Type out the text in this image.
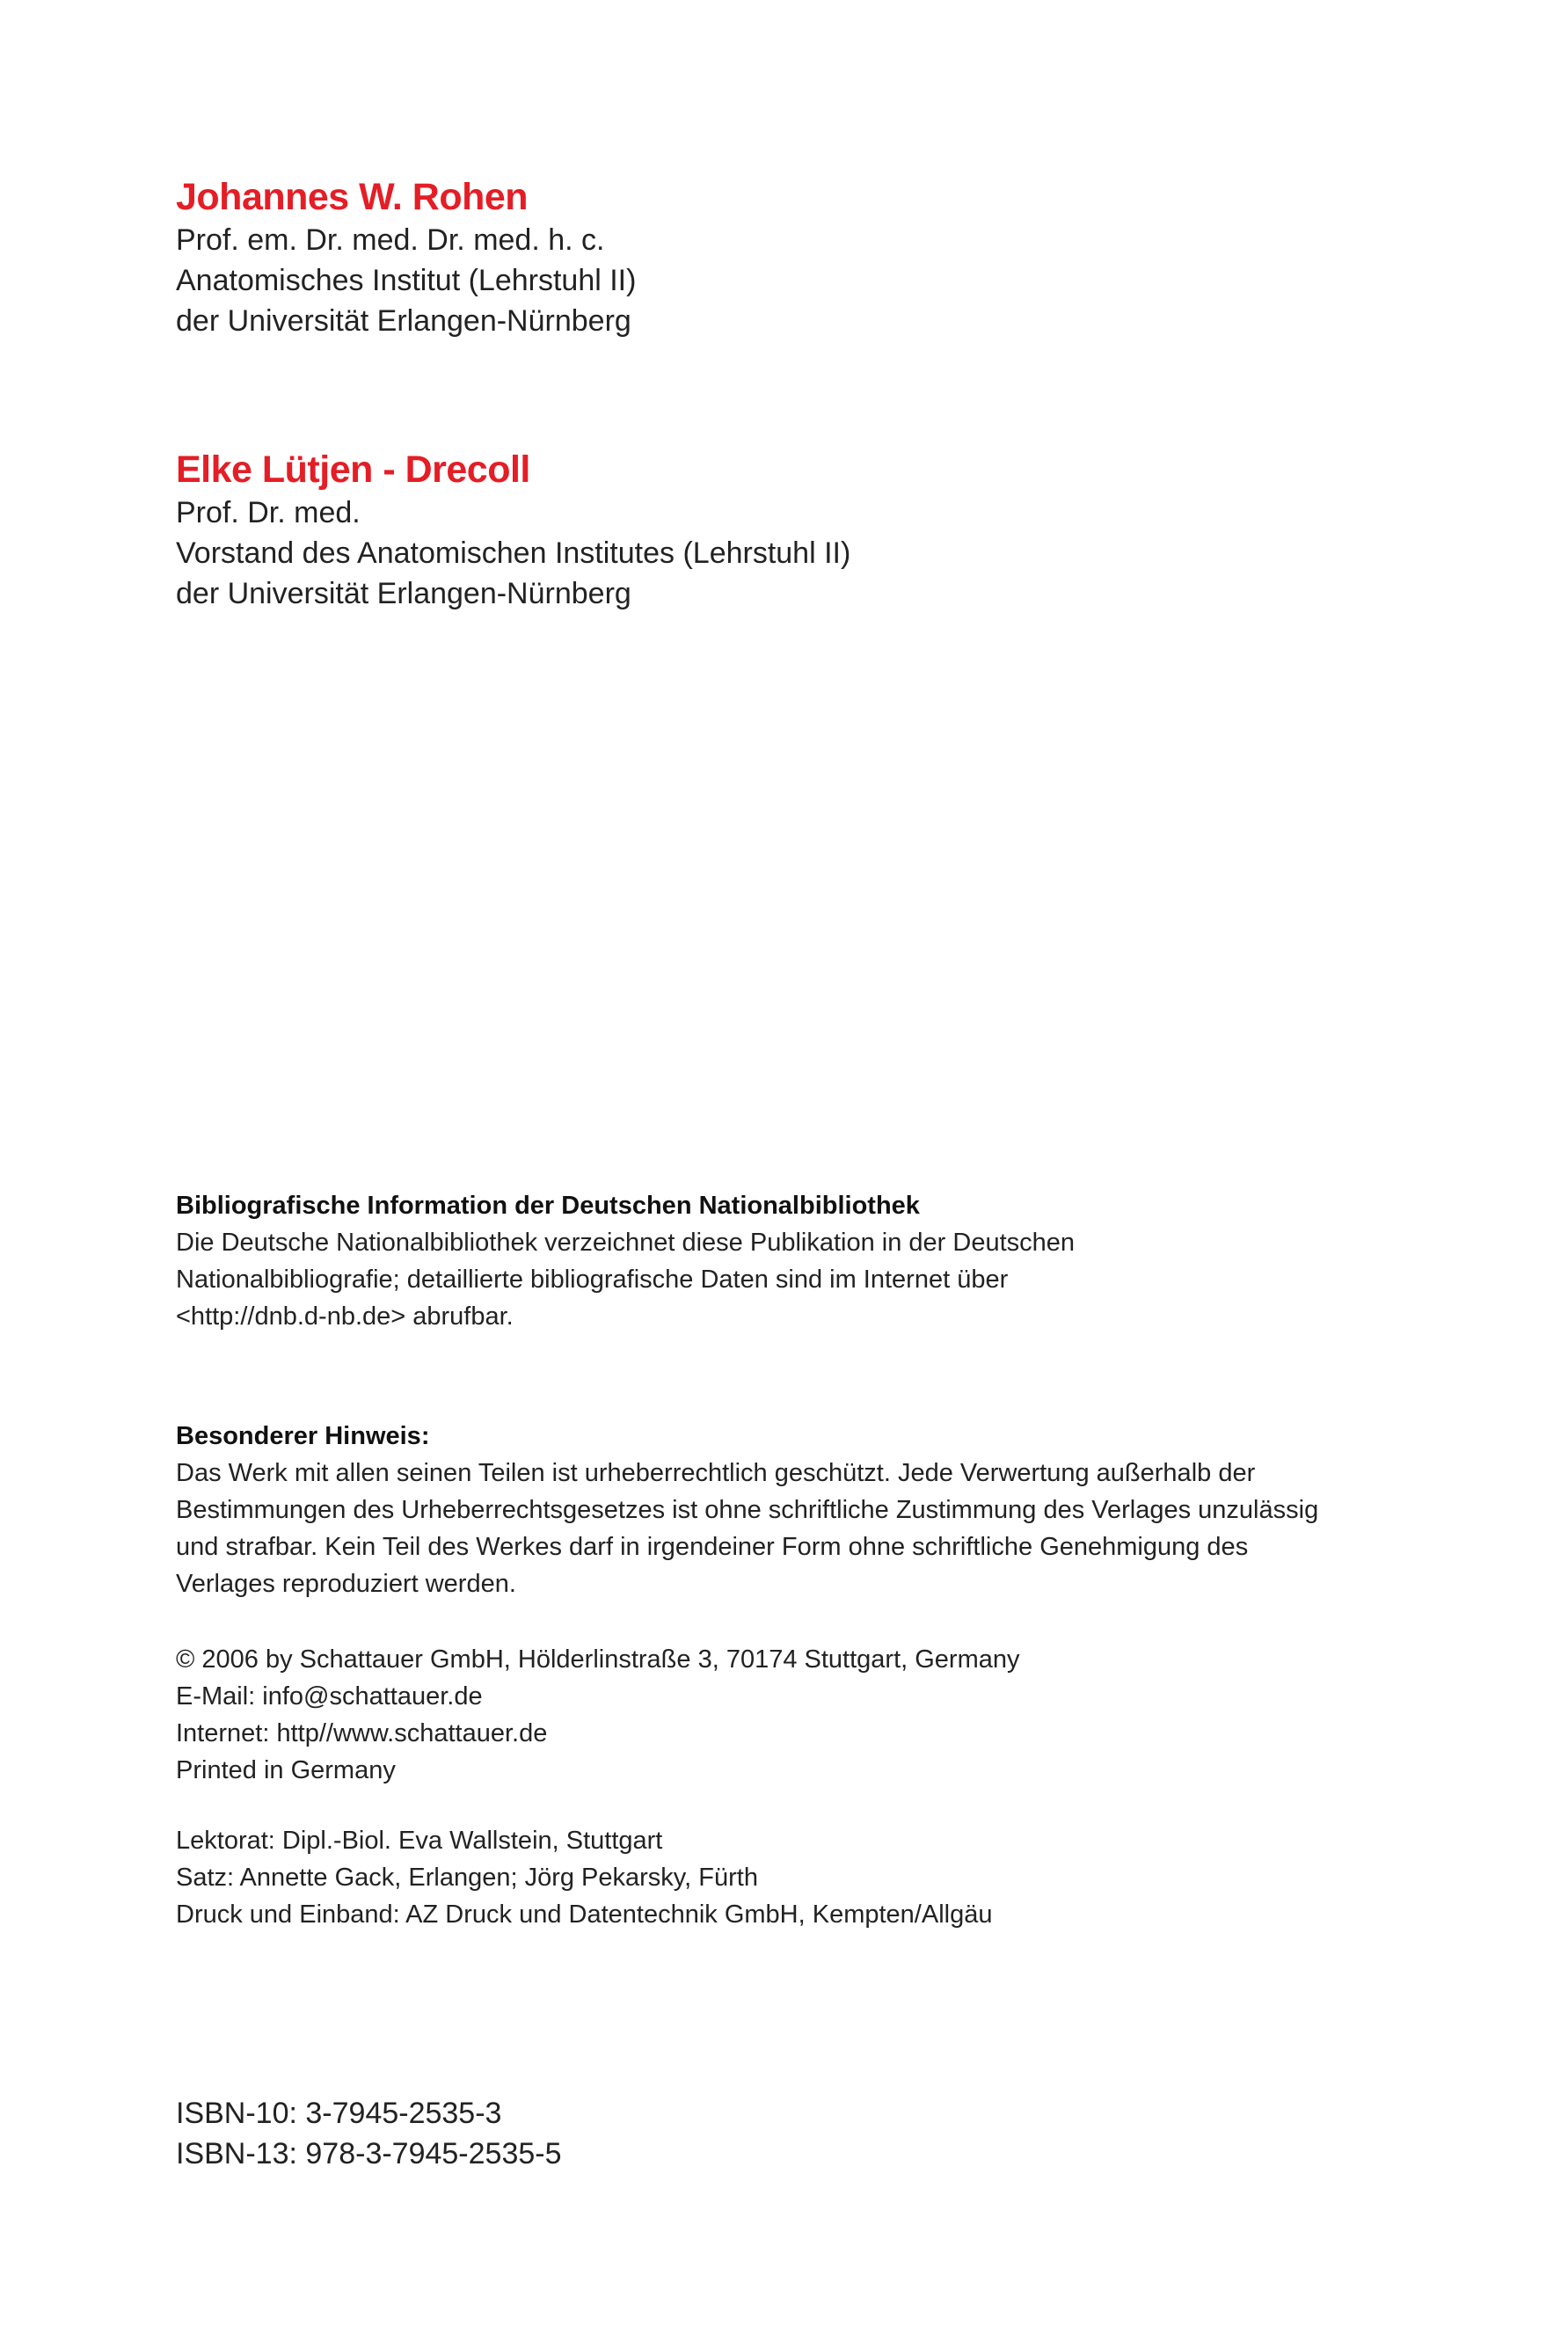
Johannes W. Rohen
Prof. em. Dr. med. Dr. med. h. c.
Anatomisches Institut (Lehrstuhl II)
der Universität Erlangen-Nürnberg
Elke Lütjen - Drecoll
Prof. Dr. med.
Vorstand des Anatomischen Institutes (Lehrstuhl II)
der Universität Erlangen-Nürnberg
Bibliografische Information der Deutschen Nationalbibliothek
Die Deutsche Nationalbibliothek verzeichnet diese Publikation in der Deutschen
Nationalbibliografie; detaillierte bibliografische Daten sind im Internet über
<http://dnb.d-nb.de> abrufbar.
Besonderer Hinweis:
Das Werk mit allen seinen Teilen ist urheberrechtlich geschützt. Jede Verwertung außerhalb der
Bestimmungen des Urheberrechtsgesetzes ist ohne schriftliche Zustimmung des Verlages unzulässig
und strafbar. Kein Teil des Werkes darf in irgendeiner Form ohne schriftliche Genehmigung des
Verlages reproduziert werden.
© 2006 by Schattauer GmbH, Hölderlinstraße 3, 70174 Stuttgart, Germany
E-Mail: info@schattauer.de
Internet: http//www.schattauer.de
Printed in Germany
Lektorat: Dipl.-Biol. Eva Wallstein, Stuttgart
Satz: Annette Gack, Erlangen; Jörg Pekarsky, Fürth
Druck und Einband: AZ Druck und Datentechnik GmbH, Kempten/Allgäu
ISBN-10: 3-7945-2535-3
ISBN-13: 978-3-7945-2535-5
